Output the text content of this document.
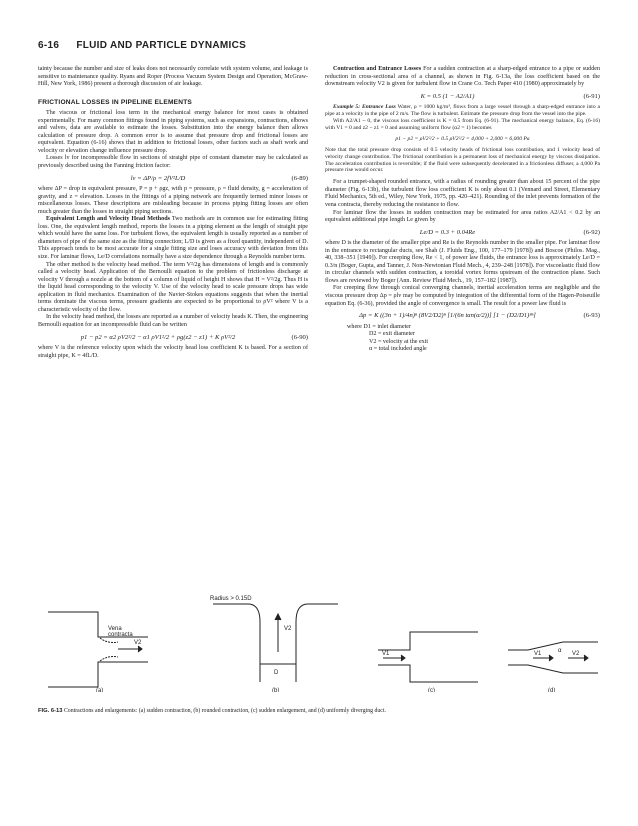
6-16 FLUID AND PARTICLE DYNAMICS

tainty because the number and size of leaks does not necessarily correlate with system volume, and leakage is sensitive to maintenance quality. Ryans and Roper (Process Vacuum System Design and Operation, McGraw-Hill, New York, 1986) present a thorough discussion of air leakage.

FRICTIONAL LOSSES IN PIPELINE ELEMENTS

The viscous or frictional loss term in the mechanical energy balance for most cases is obtained experimentally. For many common fittings found in piping systems, such as expansions, contractions, elbows and valves, data are available to estimate the losses. Substitution into the energy balance then allows calculation of pressure drop. A common error is to assume that pressure drop and frictional losses are equivalent. Equation (6-16) shows that in addition to frictional losses, other factors such as shaft work and velocity or elevation change influence pressure drop.

Losses lv for incompressible flow in sections of straight pipe of constant diameter may be calculated as previously described using the Fanning friction factor:

lv = ΔP/ρ = 2fV²L/D	(6-89)

where ΔP = drop in equivalent pressure, P = p + ρgz, with p = pressure, ρ = fluid density, g = acceleration of gravity, and z = elevation. Losses in the fittings of a piping network are frequently termed minor losses or miscellaneous losses. These descriptions are misleading because in process piping fitting losses are often much greater than the losses in straight piping sections.

Equivalent Length and Velocity Head Methods Two methods are in common use for estimating fitting loss. One, the equivalent length method, reports the losses in a piping element as the length of straight pipe which would have the same loss. For turbulent flows, the equivalent length is usually reported as a number of diameters of pipe of the same size as the fitting connection; L/D is given as a fixed quantity, independent of D. This approach tends to be most accurate for a single fitting size and loses accuracy with deviation from this size. For laminar flows, Le/D correlations normally have a size dependence through a Reynolds number term.

The other method is the velocity head method. The term V²/2g has dimensions of length and is commonly called a velocity head. Application of the Bernoulli equation to the problem of frictionless discharge at velocity V through a nozzle at the bottom of a column of liquid of height H shows that H = V²/2g. Thus H is the liquid head corresponding to the velocity V. Use of the velocity head to scale pressure drops has wide application in fluid mechanics. Examination of the Navier-Stokes equations suggests that when the inertial terms dominate the viscous terms, pressure gradients are expected to be proportional to ρV² where V is a characteristic velocity of the flow.

In the velocity head method, the losses are reported as a number of velocity heads K. Then, the engineering Bernoulli equation for an incompressible fluid can be written

p1 − p2 = α2 ρV2²/2 − α1 ρV1²/2 + ρg(z2 − z1) + K ρV²/2	(6-90)

where V is the reference velocity upon which the velocity head loss coefficient K is based. For a section of straight pipe, K = 4fL/D.

Contraction and Entrance Losses For a sudden contraction at a sharp-edged entrance to a pipe or sudden reduction in cross-sectional area of a channel, as shown in Fig. 6-13a, the loss coefficient based on the downstream velocity V2 is given for turbulent flow in Crane Co. Tech Paper 410 (1980) approximately by

K = 0.5 (1 − A2/A1)	(6-91)

Example 5: Entrance Loss Water, ρ = 1000 kg/m³, flows from a large vessel through a sharp-edged entrance into a pipe at a velocity in the pipe of 2 m/s. The flow is turbulent. Estimate the pressure drop from the vessel into the pipe.

With A2/A1 ~ 0, the viscous loss coefficient is K = 0.5 from Eq. (6-91). The mechanical energy balance, Eq. (6-16) with V1 = 0 and z2 − z1 = 0 and assuming uniform flow (α2 = 1) becomes

p1 − p2 = ρV2²/2 + 0.5 ρV2²/2 = 4,000 + 2,000 = 6,000 Pa

Note that the total pressure drop consists of 0.5 velocity heads of frictional loss contribution, and 1 velocity head of velocity change contribution. The frictional contribution is a permanent loss of mechanical energy by viscous dissipation. The acceleration contribution is reversible; if the fluid were subsequently decelerated in a frictionless diffuser, a 4,000 Pa pressure rise would occur.

For a trumpet-shaped rounded entrance, with a radius of rounding greater than about 15 percent of the pipe diameter (Fig. 6-13b), the turbulent flow loss coefficient K is only about 0.1 (Vennard and Street, Elementary Fluid Mechanics, 5th ed., Wiley, New York, 1975, pp. 420–421). Rounding of the inlet prevents formation of the vena contracta, thereby reducing the resistance to flow.

For laminar flow the losses in sudden contraction may be estimated for area ratios A2/A1 < 0.2 by an equivalent additional pipe length Le given by

Le/D = 0.3 + 0.04Re	(6-92)

where D is the diameter of the smaller pipe and Re is the Reynolds number in the smaller pipe. For laminar flow in the entrance to rectangular ducts, see Shah (J. Fluids Eng., 100, 177–179 [1978]) and Boscoe (Philos. Mag., 40, 338–351 [1949]). For creeping flow, Re < 1, of power law fluids, the entrance loss is approximately Le/D = 0.3/n (Boger, Gupta, and Tanner, J. Non-Newtonian Fluid Mech., 4, 239–248 [1978]). For viscoelastic fluid flow in circular channels with sudden contraction, a toroidal vortex forms upstream of the contraction plane. Such flows are reviewed by Boger (Ann. Review Fluid Mech., 19, 157–182 [1987]).

For creeping flow through conical converging channels, inertial acceleration terms are negligible and the viscous pressure drop Δp = ρlv may be computed by integration of the differential form of the Hagen-Poiseuille equation Eq. (6-36), provided the angle of convergence is small. The result for a power law fluid is

Δp = K ((3n + 1)/4n)ⁿ (8V2/D2)ⁿ [1/(6n tan(α/2))] [1 − (D2/D1)³ⁿ]	(6-93)
where D1 = inlet diameter
D2 = exit diameter
V2 = velocity at the exit
α = total included angle
Vena
contracta
V2
Radius > 0.15D
V2
D
V1	V1	α V2
(a)	(b)	(c)	(d)
FIG. 6-13 Contractions and enlargements: (a) sudden contraction, (b) rounded contraction, (c) sudden enlargement, and (d) uniformly diverging duct.
